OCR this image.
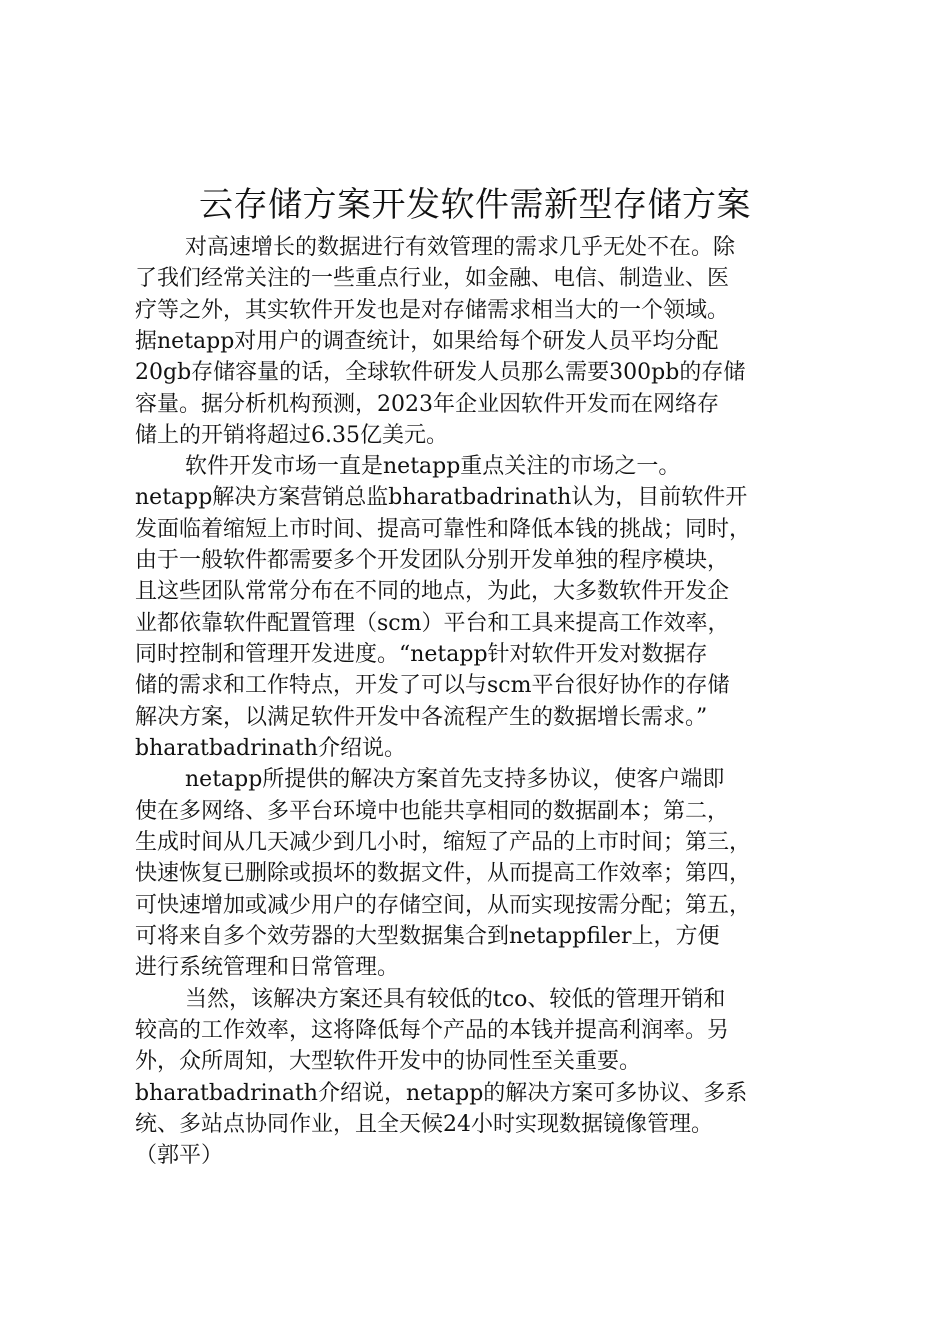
云存储方案开发软件需新型存储方案
对高速增长的数据进行有效管理的需求几乎无处不在。除
了我们经常关注的一些重点行业，如金融、电信、制造业、医
疗等之外，其实软件开发也是对存储需求相当大的一个领域。
据netapp对用户的调查统计，如果给每个研发人员平均分配
20gb存储容量的话，全球软件研发人员那么需要300pb的存储
容量。据分析机构预测，2023年企业因软件开发而在网络存
储上的开销将超过6.35亿美元。
软件开发市场一直是netapp重点关注的市场之一。
netapp解决方案营销总监bharatbadrinath认为，目前软件开
发面临着缩短上市时间、提高可靠性和降低本钱的挑战；同时，
由于一般软件都需要多个开发团队分别开发单独的程序模块，
且这些团队常常分布在不同的地点，为此，大多数软件开发企
业都依靠软件配置管理（scm）平台和工具来提高工作效率，
同时控制和管理开发进度。“netapp针对软件开发对数据存
储的需求和工作特点，开发了可以与scm平台很好协作的存储
解决方案，以满足软件开发中各流程产生的数据增长需求。”
bharatbadrinath介绍说。
netapp所提供的解决方案首先支持多协议，使客户端即
使在多网络、多平台环境中也能共享相同的数据副本；第二，
生成时间从几天减少到几小时，缩短了产品的上市时间；第三，
快速恢复已删除或损坏的数据文件，从而提高工作效率；第四，
可快速增加或减少用户的存储空间，从而实现按需分配；第五，
可将来自多个效劳器的大型数据集合到netappfiler上，方便
进行系统管理和日常管理。
当然，该解决方案还具有较低的tco、较低的管理开销和
较高的工作效率，这将降低每个产品的本钱并提高利润率。另
外，众所周知，大型软件开发中的协同性至关重要。
bharatbadrinath介绍说，netapp的解决方案可多协议、多系
统、多站点协同作业，且全天候24小时实现数据镜像管理。
（郭平）
